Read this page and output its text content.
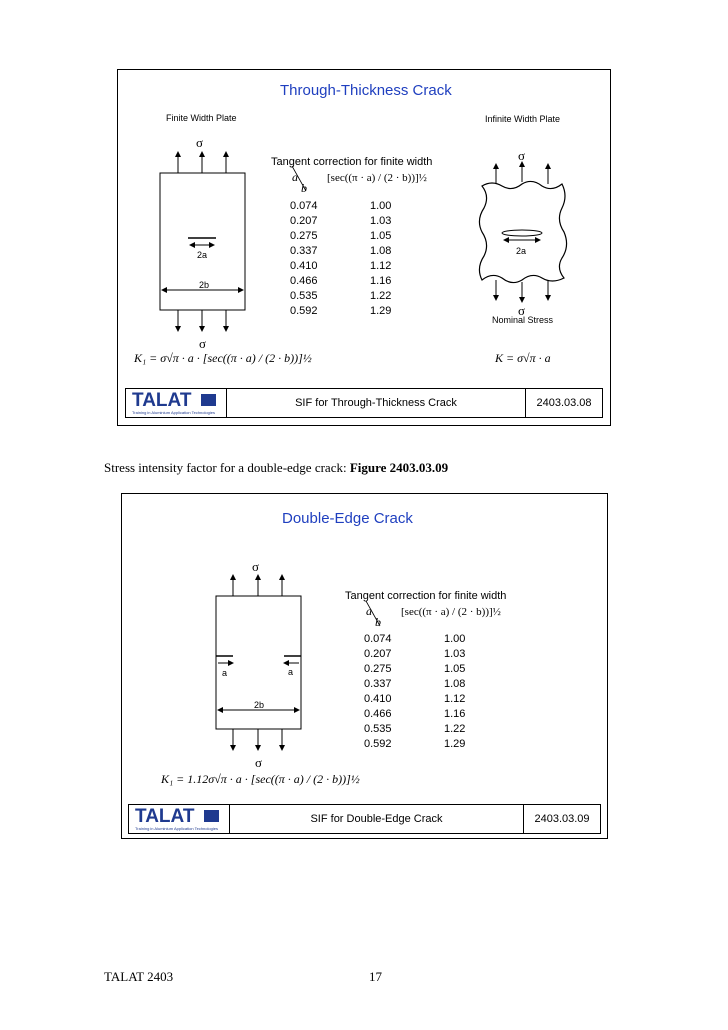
Through-Thickness Crack
Finite Width Plate	Infinite Width Plate
σ
σ
2a
2b
σ
2a
σ
Nominal Stress
Tangent correction for finite width
a
b
[sec((π · a) / (2 · b))]½
0.074	1.00
0.207	1.03
0.275	1.05
0.337	1.08
0.410	1.12
0.466	1.16
0.535	1.22
0.592	1.29
K₁ = σ√π · a · [sec((π · a) / (2 · b))]½	K = σ√π · a
TALAT
Training in Aluminium Application Technologies
SIF for Through-Thickness Crack	2403.03.08
Stress intensity factor for a double-edge crack: Figure 2403.03.09
Double-Edge Crack
σ
σ
a	a
2b
Tangent correction for finite width
a
b
[sec((π · a) / (2 · b))]½
0.074	1.00
0.207	1.03
0.275	1.05
0.337	1.08
0.410	1.12
0.466	1.16
0.535	1.22
0.592	1.29
K₁ = 1.12σ√π · a · [sec((π · a) / (2 · b))]½
TALAT
Training in Aluminium Application Technologies
SIF for Double-Edge Crack	2403.03.09
TALAT 2403	17
